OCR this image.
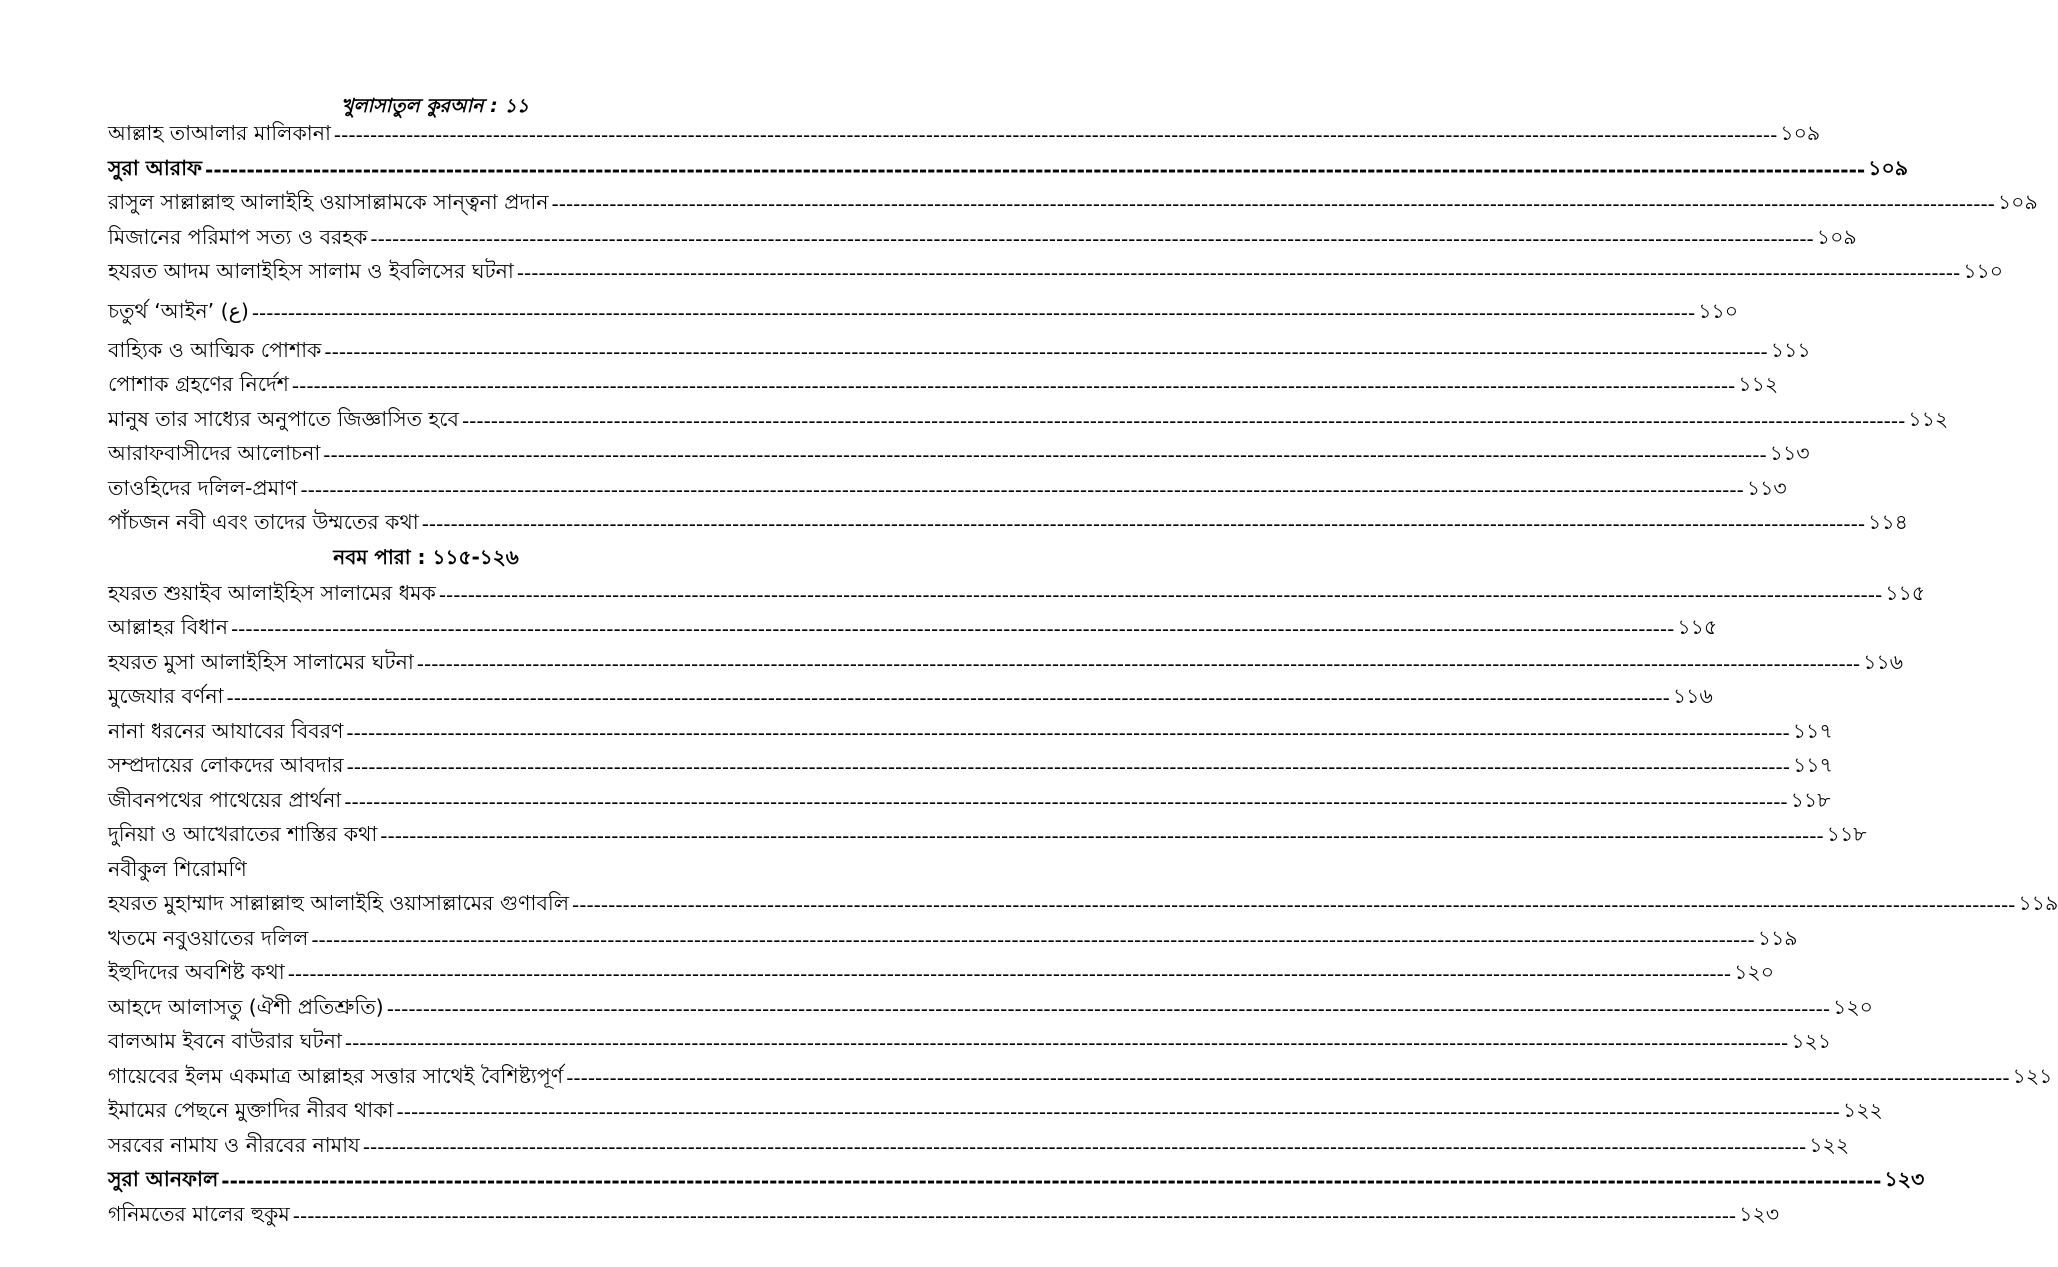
খুলাসাতুল কুরআন : ১১
আল্লাহ তাআলার মালিকানা -------------------------------------------------------------------------------------------------------------------------------------------------------------------------------------------------------- ১০৯
সুরা আরাফ -------------------------------------------------------------------------------------------------------------------------------------------------------------------------------------------------------- ১০৯
রাসুল সাল্লাল্লাহু আলাইহি ওয়াসাল্লামকে সান্ত্বনা প্রদান -------------------------------------------------------------------------------------------------------------------------------------------------------------------------------------------------------- ১০৯
মিজানের পরিমাপ সত্য ও বরহক -------------------------------------------------------------------------------------------------------------------------------------------------------------------------------------------------------- ১০৯
হযরত আদম আলাইহিস সালাম ও ইবলিসের ঘটনা -------------------------------------------------------------------------------------------------------------------------------------------------------------------------------------------------------- ১১০
চতুর্থ ‘আইন’ (ع) -------------------------------------------------------------------------------------------------------------------------------------------------------------------------------------------------------- ১১০
বাহ্যিক ও আত্মিক পোশাক -------------------------------------------------------------------------------------------------------------------------------------------------------------------------------------------------------- ১১১
পোশাক গ্রহণের নির্দেশ -------------------------------------------------------------------------------------------------------------------------------------------------------------------------------------------------------- ১১২
মানুষ তার সাধ্যের অনুপাতে জিজ্ঞাসিত হবে -------------------------------------------------------------------------------------------------------------------------------------------------------------------------------------------------------- ১১২
আরাফবাসীদের আলোচনা -------------------------------------------------------------------------------------------------------------------------------------------------------------------------------------------------------- ১১৩
তাওহিদের দলিল-প্রমাণ -------------------------------------------------------------------------------------------------------------------------------------------------------------------------------------------------------- ১১৩
পাঁচজন নবী এবং তাদের উম্মতের কথা -------------------------------------------------------------------------------------------------------------------------------------------------------------------------------------------------------- ১১৪
নবম পারা : ১১৫-১২৬
হযরত শুয়াইব আলাইহিস সালামের ধমক -------------------------------------------------------------------------------------------------------------------------------------------------------------------------------------------------------- ১১৫
আল্লাহর বিধান -------------------------------------------------------------------------------------------------------------------------------------------------------------------------------------------------------- ১১৫
হযরত মুসা আলাইহিস সালামের ঘটনা -------------------------------------------------------------------------------------------------------------------------------------------------------------------------------------------------------- ১১৬
মুজেযার বর্ণনা -------------------------------------------------------------------------------------------------------------------------------------------------------------------------------------------------------- ১১৬
নানা ধরনের আযাবের বিবরণ -------------------------------------------------------------------------------------------------------------------------------------------------------------------------------------------------------- ১১৭
সম্প্রদায়ের লোকদের আবদার -------------------------------------------------------------------------------------------------------------------------------------------------------------------------------------------------------- ১১৭
জীবনপথের পাথেয়ের প্রার্থনা -------------------------------------------------------------------------------------------------------------------------------------------------------------------------------------------------------- ১১৮
দুনিয়া ও আখেরাতের শাস্তির কথা -------------------------------------------------------------------------------------------------------------------------------------------------------------------------------------------------------- ১১৮
নবীকুল শিরোমণি
হযরত মুহাম্মাদ সাল্লাল্লাহু আলাইহি ওয়াসাল্লামের গুণাবলি -------------------------------------------------------------------------------------------------------------------------------------------------------------------------------------------------------- ১১৯
খতমে নবুওয়াতের দলিল -------------------------------------------------------------------------------------------------------------------------------------------------------------------------------------------------------- ১১৯
ইহুদিদের অবশিষ্ট কথা -------------------------------------------------------------------------------------------------------------------------------------------------------------------------------------------------------- ১২০
আহদে আলাসতু (ঐশী প্রতিশ্রুতি) -------------------------------------------------------------------------------------------------------------------------------------------------------------------------------------------------------- ১২০
বালআম ইবনে বাউরার ঘটনা -------------------------------------------------------------------------------------------------------------------------------------------------------------------------------------------------------- ১২১
গায়েবের ইলম একমাত্র আল্লাহর সত্তার সাথেই বৈশিষ্ট্যপূর্ণ -------------------------------------------------------------------------------------------------------------------------------------------------------------------------------------------------------- ১২১
ইমামের পেছনে মুক্তাদির নীরব থাকা -------------------------------------------------------------------------------------------------------------------------------------------------------------------------------------------------------- ১২২
সরবের নামায ও নীরবের নামায -------------------------------------------------------------------------------------------------------------------------------------------------------------------------------------------------------- ১২২
সুরা আনফাল -------------------------------------------------------------------------------------------------------------------------------------------------------------------------------------------------------- ১২৩
গনিমতের মালের হুকুম -------------------------------------------------------------------------------------------------------------------------------------------------------------------------------------------------------- ১২৩
